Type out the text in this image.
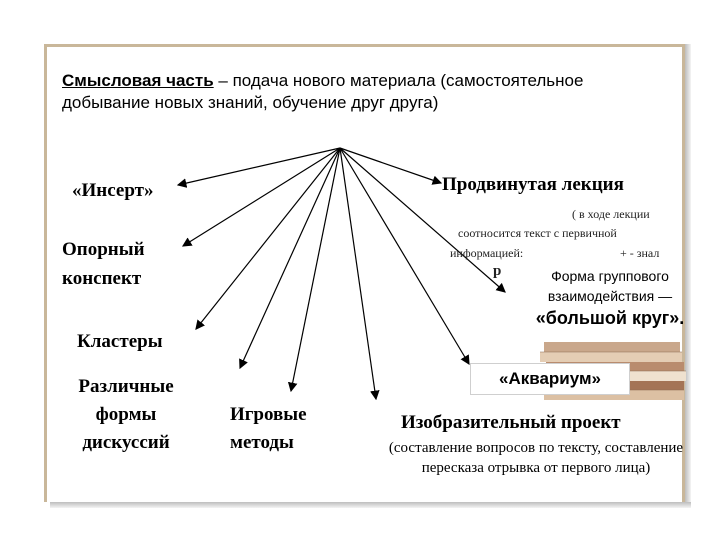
Смысловая часть – подача нового материала (самостоятельное
добывание новых знаний, обучение друг друга)
«Инсерт»
Опорный
конспект
Кластеры
Различные
формы
дискуссий
Игровые
методы
Изобразительный проект
(составление вопросов по тексту, составление
пересказа отрывка от первого лица)
Продвинутая лекция
( в ходе лекции
соотносится текст с первичной
информацией:	+ - знал
р	Форма группового
взаимодействия —
«большой круг».
«Аквариум»
